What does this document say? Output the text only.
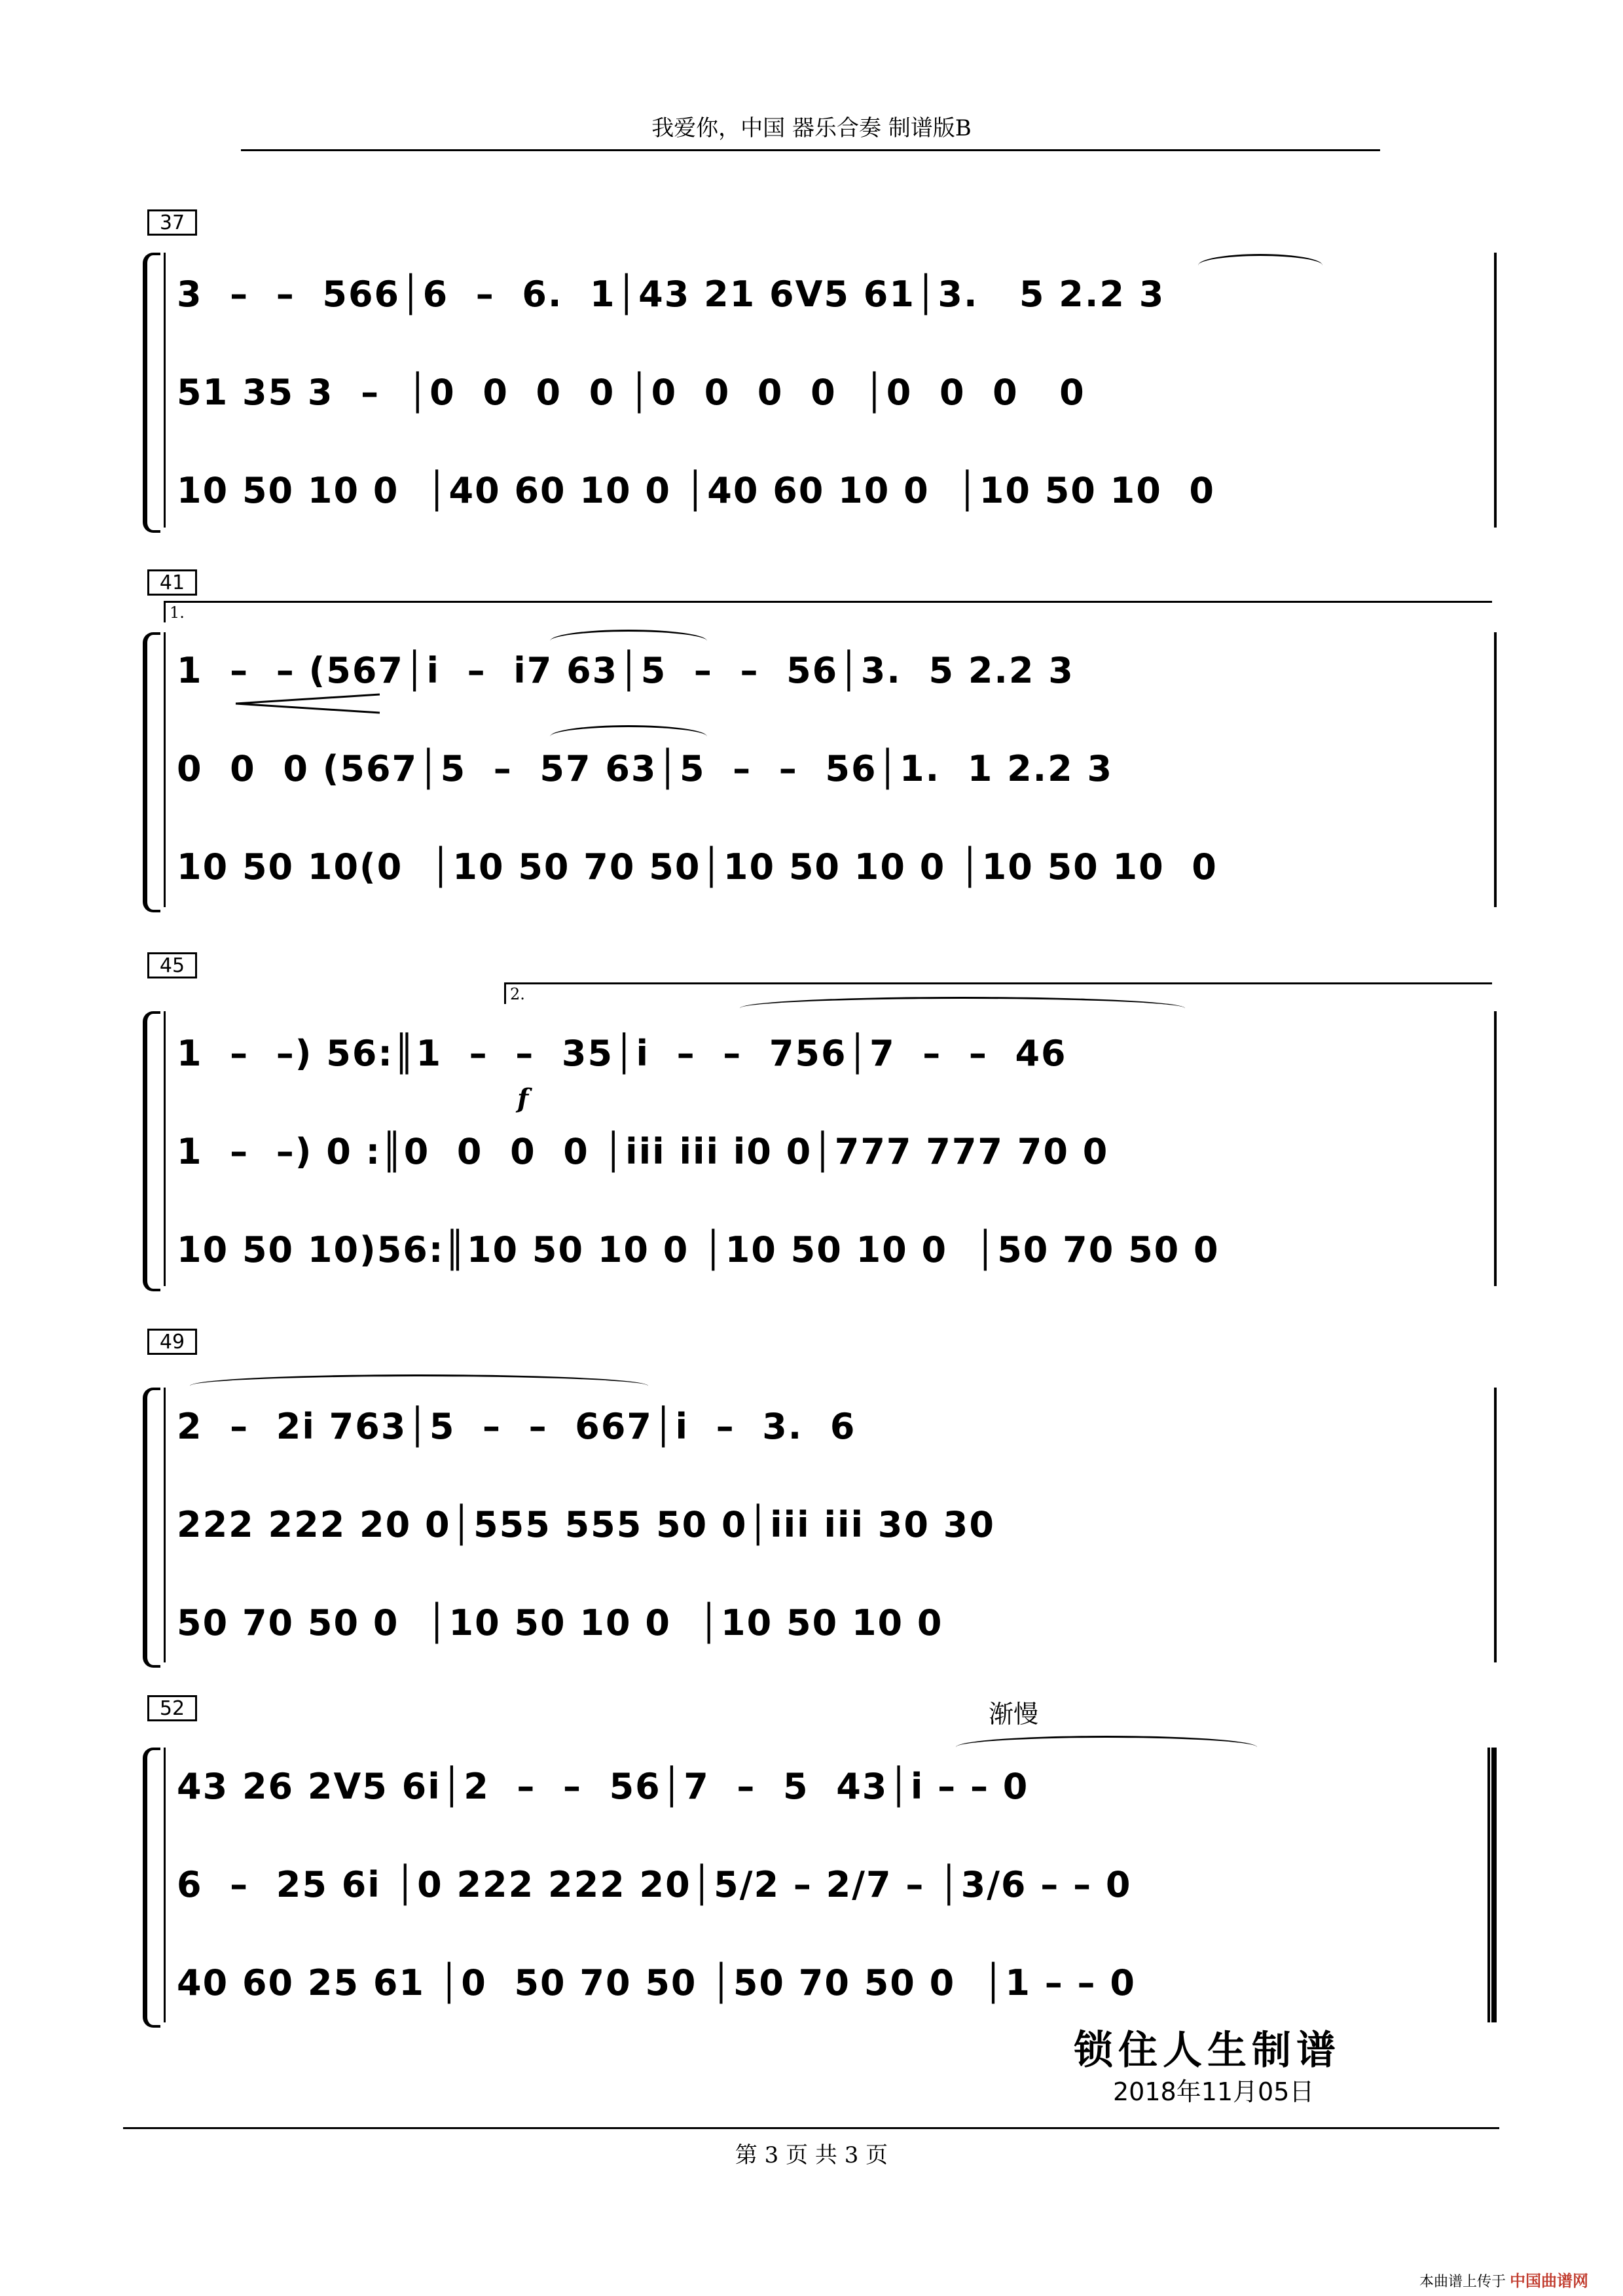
我爱你，中国 器乐合奏 制谱版B
37
3  –  –  566│6  –  6.  1│43 21 6V5 61│3.   5 2.2 3
51 35 3  –  │0  0  0  0 │0  0  0  0  │0  0  0   0
10 50 10 0  │40 60 10 0 │40 60 10 0  │10 50 10  0
41
1.
1  –  – (567│i  –  i7 63│5  –  –  56│3.  5 2.2 3
0  0  0 (567│5  –  57 63│5  –  –  56│1.  1 2.2 3
10 50 10(0  │10 50 70 50│10 50 10 0 │10 50 10  0
45
2.
f
1  –  –) 56:║1  –  –  35│i  –  –  756│7  –  –  46
1  –  –) 0 :║0  0  0  0 │iii iii i0 0│777 777 70 0
10 50 10)56:║10 50 10 0 │10 50 10 0  │50 70 50 0
49
2  –  2i 763│5  –  –  667│i  –  3.  6
222 222 20 0│555 555 50 0│iii iii 30 30
50 70 50 0  │10 50 10 0  │10 50 10 0
52
43 26 2V5 6i│2  –  –  56│7  –  5  43│i – – 0
6  –  25 6i │0 222 222 20│5/2 – 2/7 – │3/6 – – 0
40 60 25 61 │0  50 70 50 │50 70 50 0  │1 – – 0
渐慢
锁住人生制谱
2018年11月05日
第 3 页 共 3 页
本曲谱上传于 中国曲谱网
